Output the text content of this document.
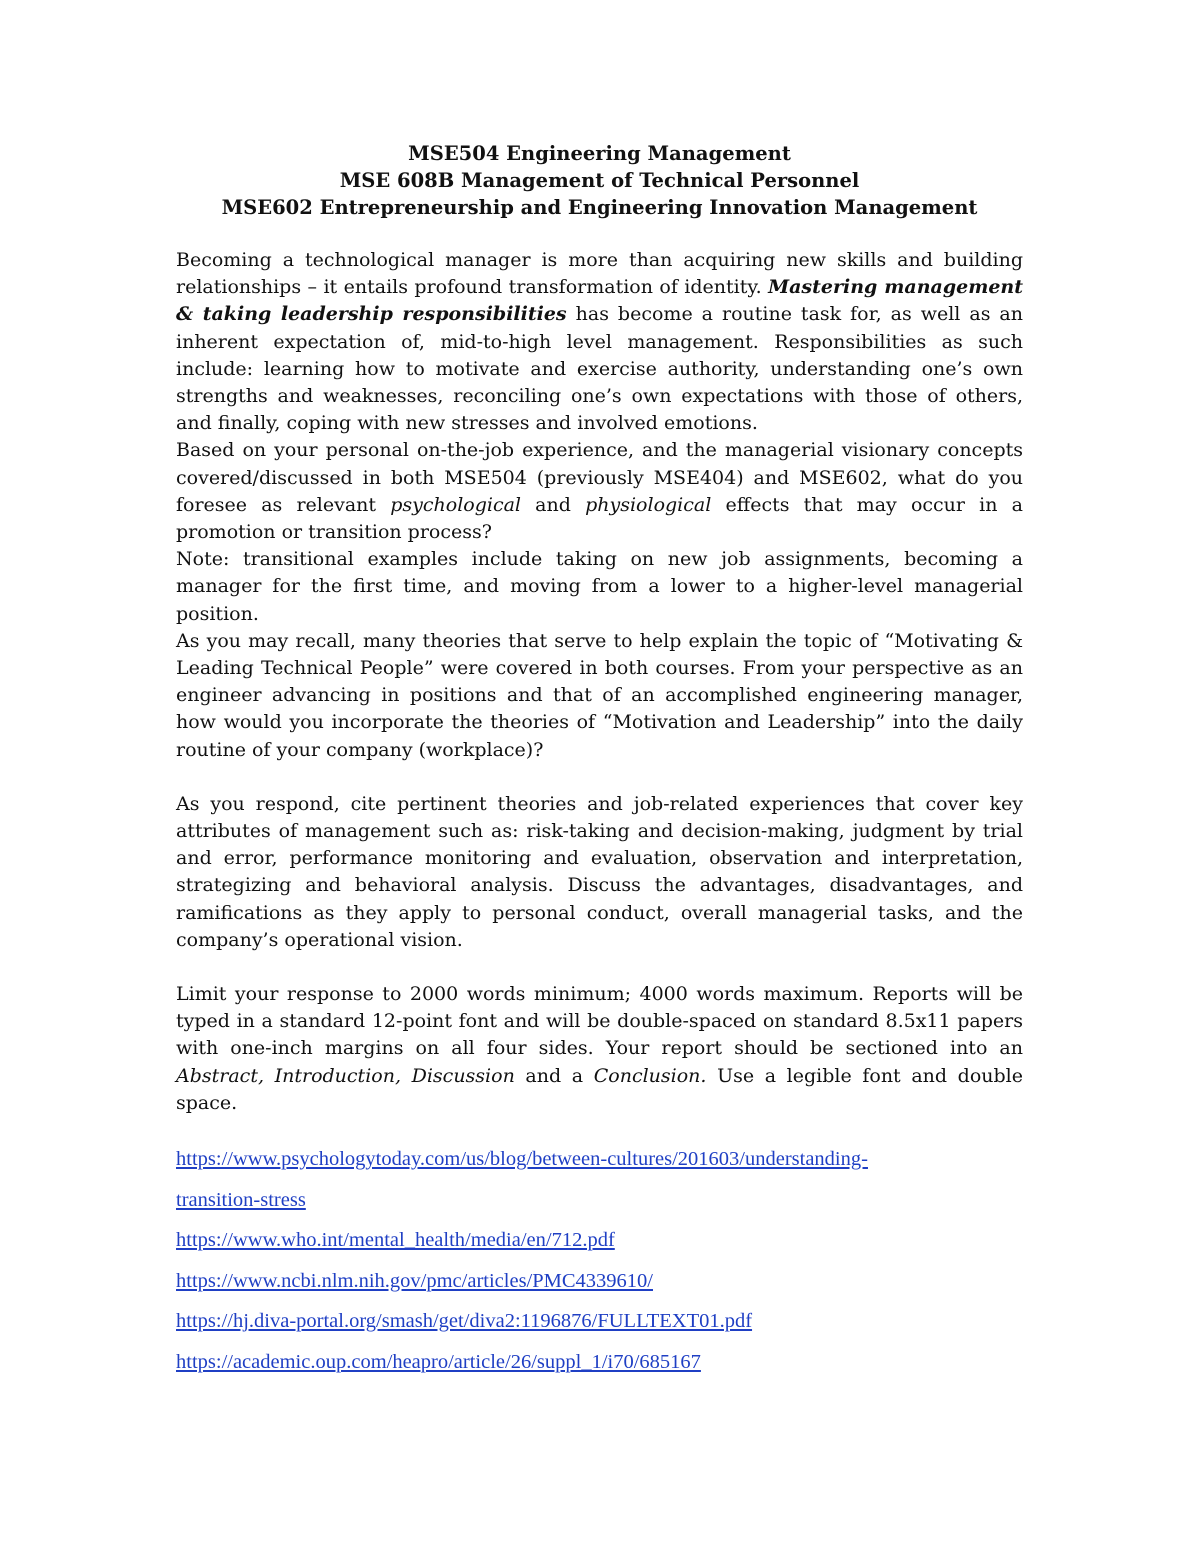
MSE504 Engineering Management
MSE 608B Management of Technical Personnel
MSE602 Entrepreneurship and Engineering Innovation Management

Becoming a technological manager is more than acquiring new skills and building relationships – it entails profound transformation of identity. Mastering management & taking leadership responsibilities has become a routine task for, as well as an inherent expectation of, mid-to-high level management. Responsibilities as such include: learning how to motivate and exercise authority, understanding one’s own strengths and weaknesses, reconciling one’s own expectations with those of others, and finally, coping with new stresses and involved emotions.

Based on your personal on-the-job experience, and the managerial visionary concepts covered/discussed in both MSE504 (previously MSE404) and MSE602, what do you foresee as relevant psychological and physiological effects that may occur in a promotion or transition process?

Note: transitional examples include taking on new job assignments, becoming a manager for the first time, and moving from a lower to a higher-level managerial position.

As you may recall, many theories that serve to help explain the topic of “Motivating & Leading Technical People” were covered in both courses. From your perspective as an engineer advancing in positions and that of an accomplished engineering manager, how would you incorporate the theories of “Motivation and Leadership” into the daily routine of your company (workplace)?

As you respond, cite pertinent theories and job-related experiences that cover key attributes of management such as: risk-taking and decision-making, judgment by trial and error, performance monitoring and evaluation, observation and interpretation, strategizing and behavioral analysis. Discuss the advantages, disadvantages, and ramifications as they apply to personal conduct, overall managerial tasks, and the company’s operational vision.

Limit your response to 2000 words minimum; 4000 words maximum. Reports will be typed in a standard 12-point font and will be double-spaced on standard 8.5x11 papers with one-inch margins on all four sides. Your report should be sectioned into an Abstract, Introduction, Discussion and a Conclusion. Use a legible font and double space.

https://www.psychologytoday.com/us/blog/between-cultures/201603/understanding-
transition-stress
https://www.who.int/mental_health/media/en/712.pdf
https://www.ncbi.nlm.nih.gov/pmc/articles/PMC4339610/
https://hj.diva-portal.org/smash/get/diva2:1196876/FULLTEXT01.pdf
https://academic.oup.com/heapro/article/26/suppl_1/i70/685167
